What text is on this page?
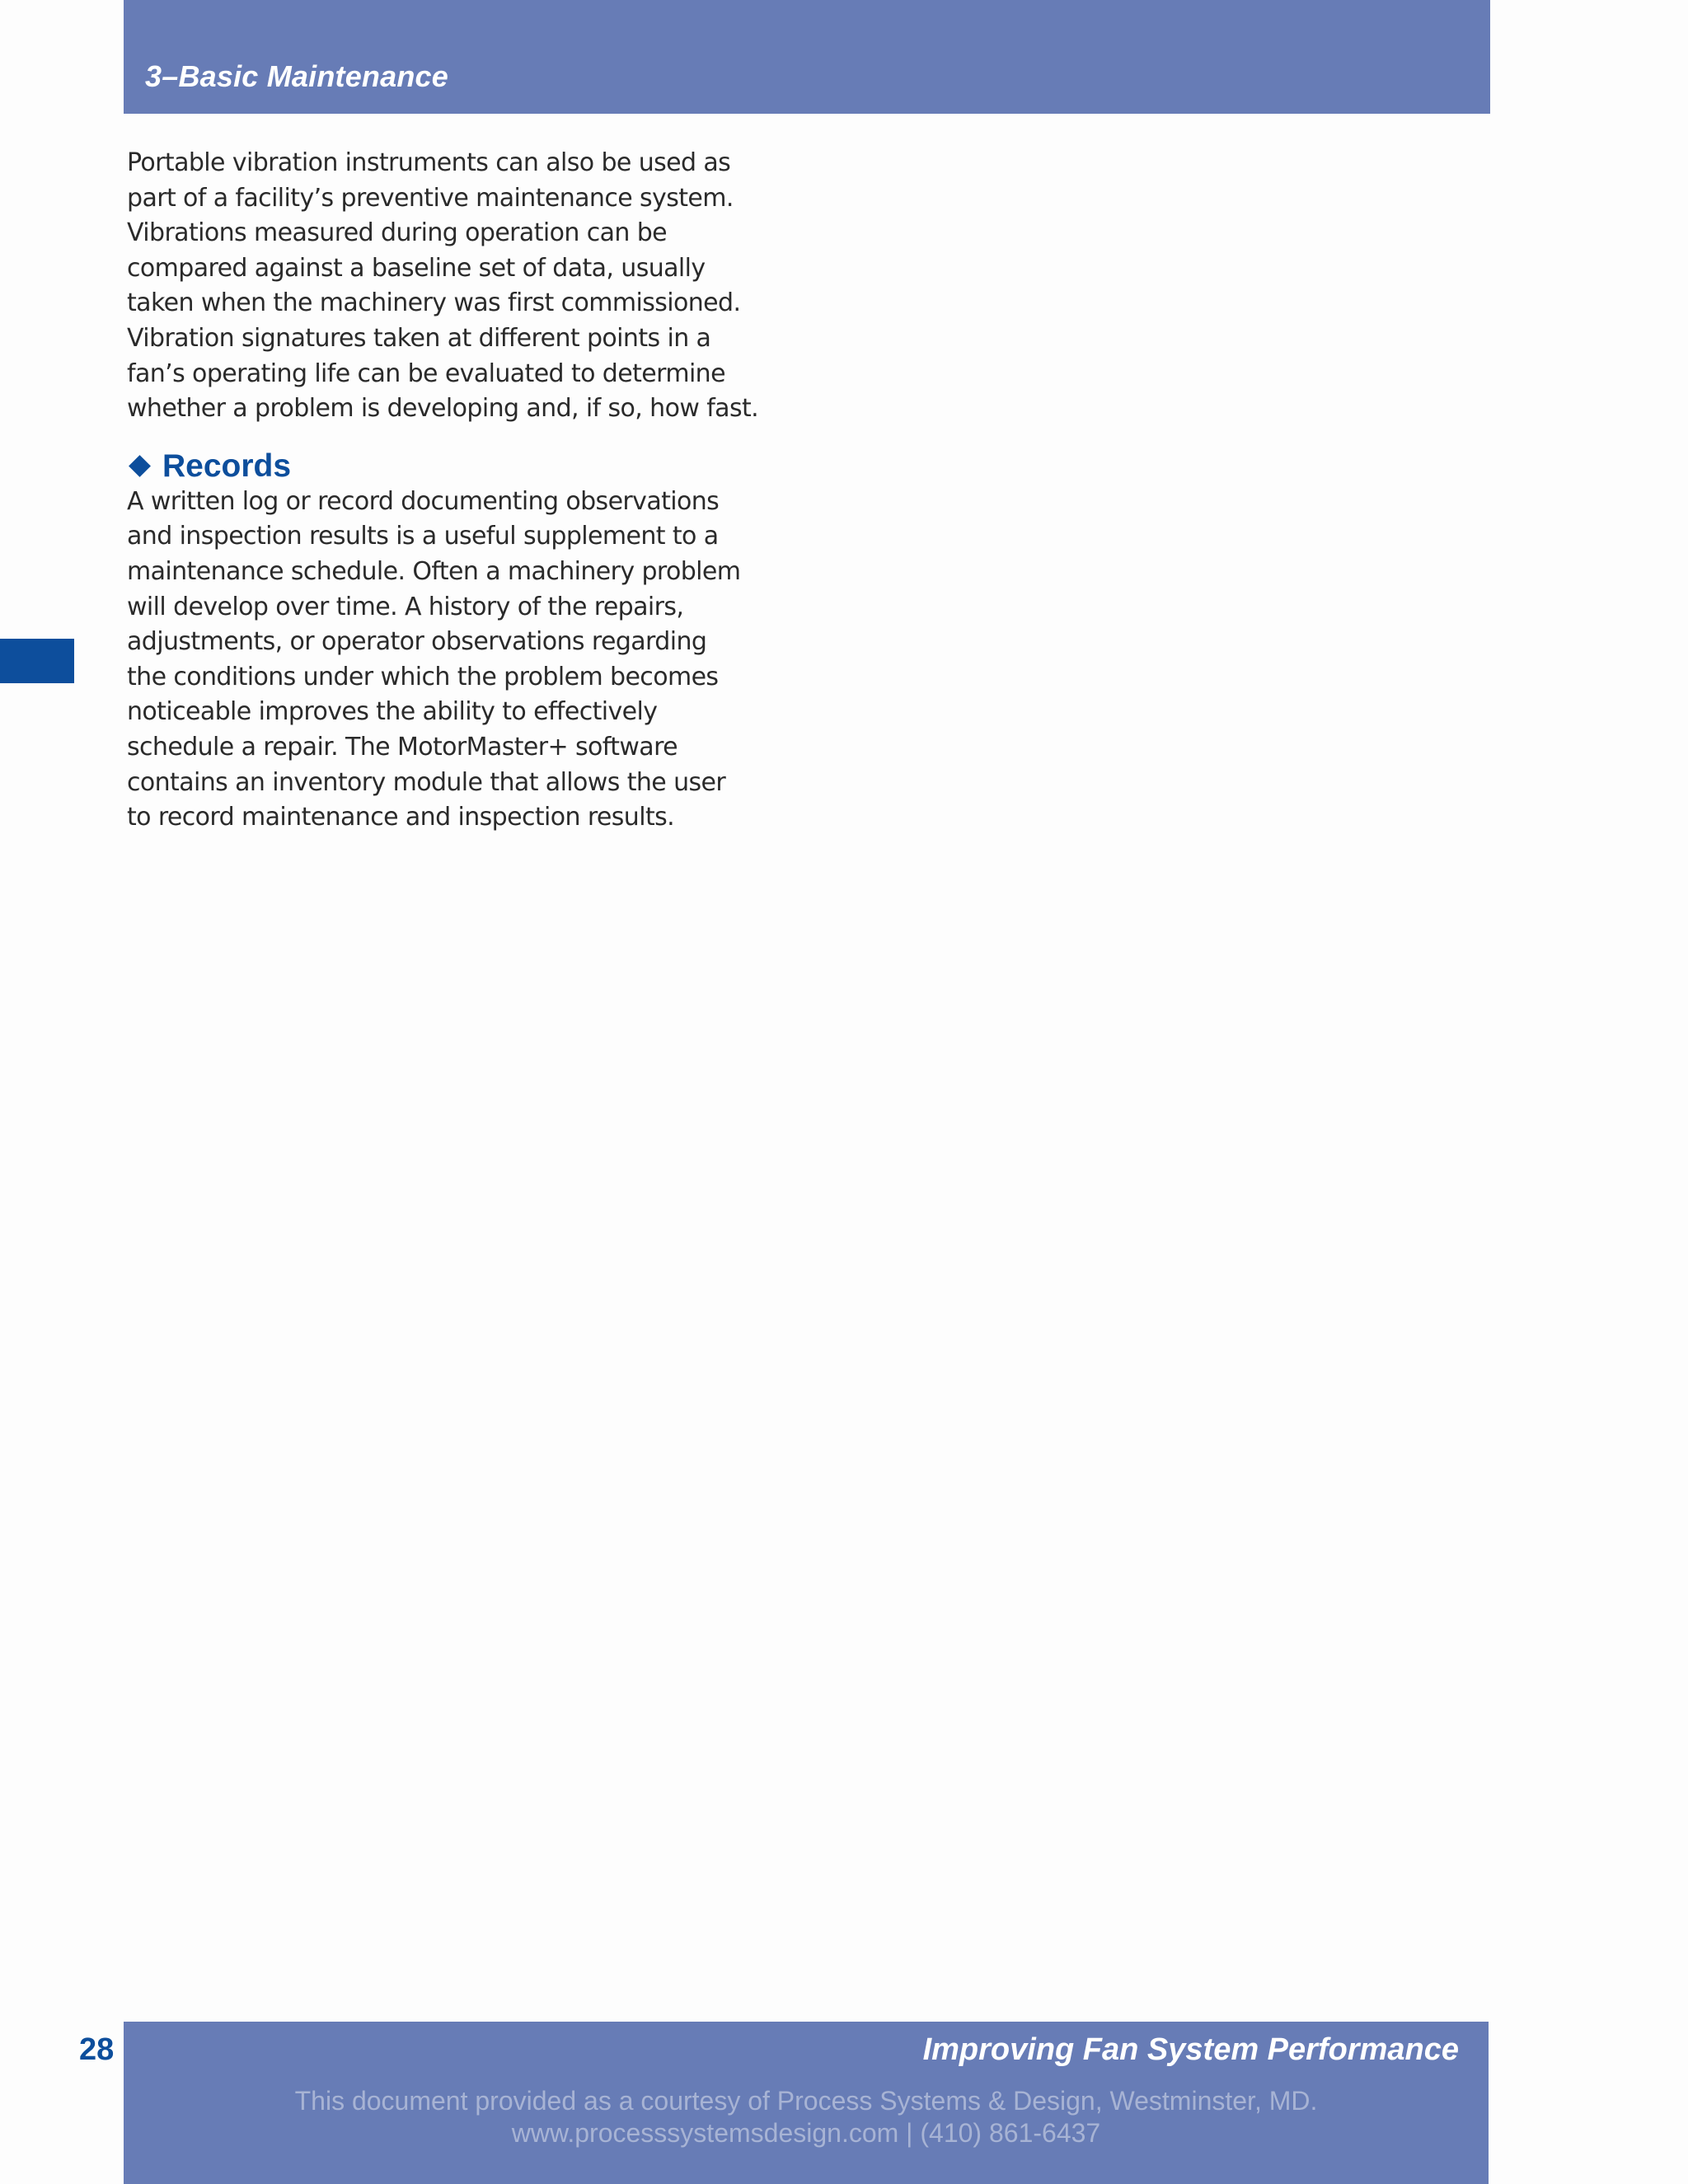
3–Basic Maintenance

Portable vibration instruments can also be used as
part of a facility’s preventive maintenance system.
Vibrations measured during operation can be
compared against a baseline set of data, usually
taken when the machinery was first commissioned.
Vibration signatures taken at different points in a
fan’s operating life can be evaluated to determine
whether a problem is developing and, if so, how fast.

Records

A written log or record documenting observations
and inspection results is a useful supplement to a
maintenance schedule. Often a machinery problem
will develop over time. A history of the repairs,
adjustments, or operator observations regarding
the conditions under which the problem becomes
noticeable improves the ability to effectively
schedule a repair. The MotorMaster+ software
contains an inventory module that allows the user
to record maintenance and inspection results.

Improving Fan System Performance
28
This document provided as a courtesy of Process Systems & Design, Westminster, MD.
www.processsystemsdesign.com | (410) 861-6437
